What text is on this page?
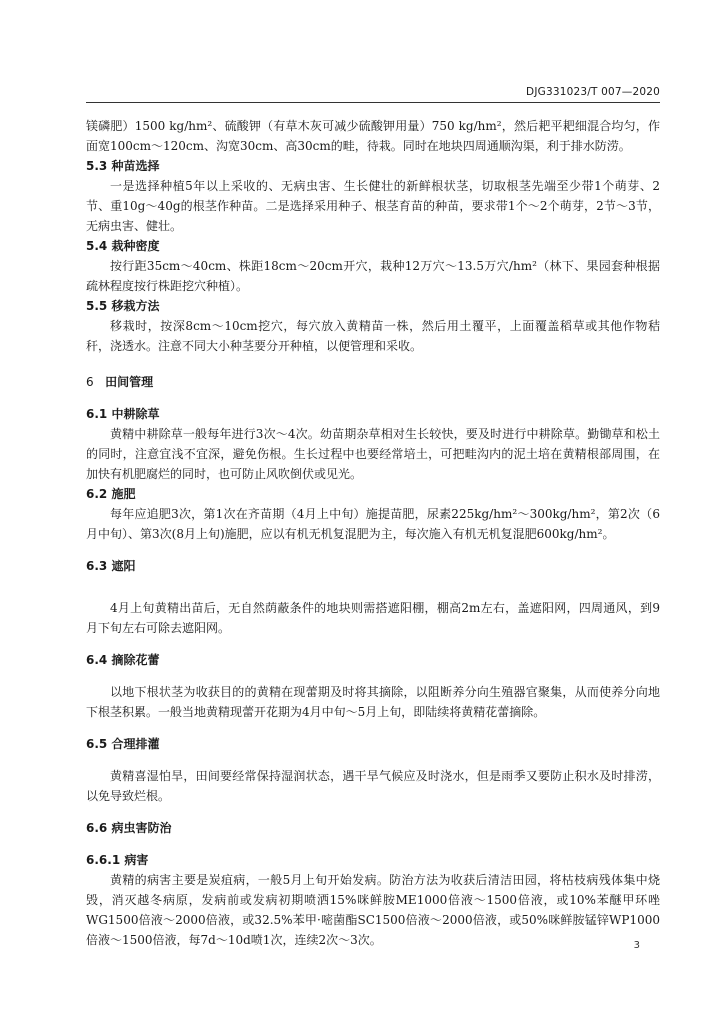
DJG331023/T 007—2020

镁磷肥）1500 kg/hm²、硫酸钾（有草木灰可减少硫酸钾用量）750 kg/hm²，然后耙平耙细混合均匀，作面宽100cm～120cm、沟宽30cm、高30cm的畦，待栽。同时在地块四周通顺沟渠，利于排水防涝。

5.3 种苗选择

一是选择种植5年以上采收的、无病虫害、生长健壮的新鲜根状茎，切取根茎先端至少带1个萌芽、2节、重10g～40g的根茎作种苗。二是选择采用种子、根茎育苗的种苗，要求带1个～2个萌芽，2节～3节，无病虫害、健壮。

5.4 栽种密度

按行距35cm～40cm、株距18cm～20cm开穴，栽种12万穴～13.5万穴/hm²（林下、果园套种根据疏林程度按行株距挖穴种植）。

5.5 移栽方法

移栽时，按深8cm～10cm挖穴，每穴放入黄精苗一株，然后用土覆平，上面覆盖稻草或其他作物秸秆，浇透水。注意不同大小种茎要分开种植，以便管理和采收。

6 田间管理

6.1 中耕除草

黄精中耕除草一般每年进行3次～4次。幼苗期杂草相对生长较快，要及时进行中耕除草。勤锄草和松土的同时，注意宜浅不宜深，避免伤根。生长过程中也要经常培土，可把畦沟内的泥土培在黄精根部周围，在加快有机肥腐烂的同时，也可防止风吹倒伏或见光。

6.2 施肥

每年应追肥3次，第1次在齐苗期（4月上中旬）施提苗肥，尿素225kg/hm²～300kg/hm²，第2次（6月中旬）、第3次(8月上旬)施肥，应以有机无机复混肥为主，每次施入有机无机复混肥600kg/hm²。

6.3 遮阳

4月上旬黄精出苗后，无自然荫蔽条件的地块则需搭遮阳棚，棚高2m左右，盖遮阳网，四周通风，到9月下旬左右可除去遮阳网。

6.4 摘除花蕾

以地下根状茎为收获目的的黄精在现蕾期及时将其摘除，以阻断养分向生殖器官聚集，从而使养分向地下根茎积累。一般当地黄精现蕾开花期为4月中旬～5月上旬，即陆续将黄精花蕾摘除。

6.5 合理排灌

黄精喜湿怕旱，田间要经常保持湿润状态，遇干旱气候应及时浇水，但是雨季又要防止积水及时排涝，以免导致烂根。

6.6 病虫害防治

6.6.1 病害

黄精的病害主要是炭疽病，一般5月上旬开始发病。防治方法为收获后清洁田园，将枯枝病残体集中烧毁，消灭越冬病原，发病前或发病初期喷洒15%咪鲜胺ME1000倍液～1500倍液，或10%苯醚甲环唑WG1500倍液～2000倍液，或32.5%苯甲·嘧菌酯SC1500倍液～2000倍液，或50%咪鲜胺锰锌WP1000倍液～1500倍液，每7d～10d喷1次，连续2次～3次。	3
